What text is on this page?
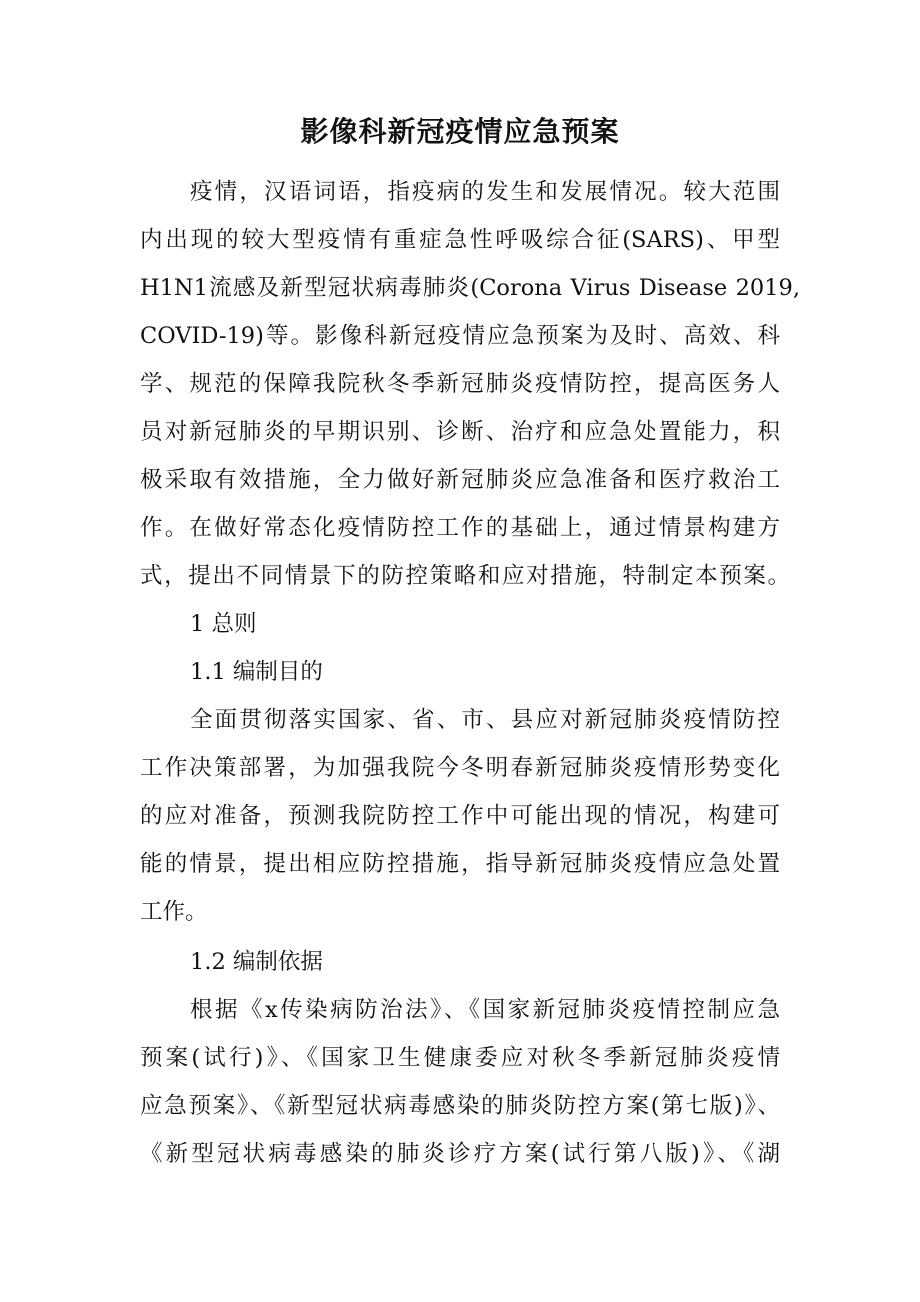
影像科新冠疫情应急预案

疫情，汉语词语，指疫病的发生和发展情况。较大范围

内出现的较大型疫情有重症急性呼吸综合征(SARS)、甲型

H1N1流感及新型冠状病毒肺炎(Corona Virus Disease 2019,

COVID-19)等。影像科新冠疫情应急预案为及时、高效、科

学、规范的保障我院秋冬季新冠肺炎疫情防控，提高医务人

员对新冠肺炎的早期识别、诊断、治疗和应急处置能力，积

极采取有效措施，全力做好新冠肺炎应急准备和医疗救治工

作。在做好常态化疫情防控工作的基础上，通过情景构建方

式，提出不同情景下的防控策略和应对措施，特制定本预案。

1 总则

1.1 编制目的

全面贯彻落实国家、省、市、县应对新冠肺炎疫情防控

工作决策部署，为加强我院今冬明春新冠肺炎疫情形势变化

的应对准备，预测我院防控工作中可能出现的情况，构建可

能的情景，提出相应防控措施，指导新冠肺炎疫情应急处置

工作。

1.2 编制依据

根据《x传染病防治法》、《国家新冠肺炎疫情控制应急

预案(试行)》、《国家卫生健康委应对秋冬季新冠肺炎疫情

应急预案》、《新型冠状病毒感染的肺炎防控方案(第七版)》、

《新型冠状病毒感染的肺炎诊疗方案(试行第八版)》、《湖
